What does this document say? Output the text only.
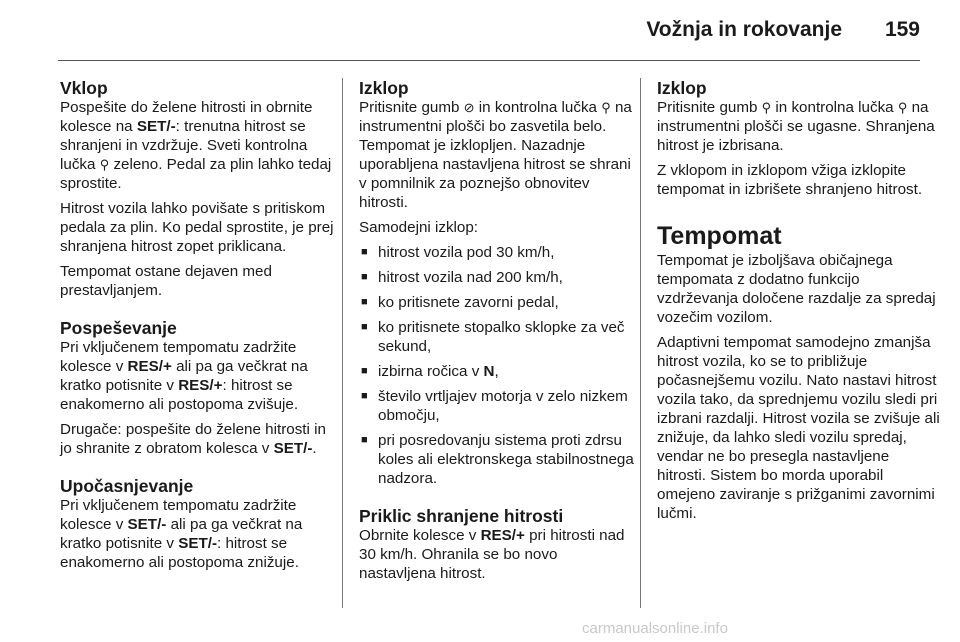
Vožnja in rokovanje 159
Vklop

Pospešite do želene hitrosti in obrnite kolesce na SET/-: trenutna hitrost se shranjeni in vzdržuje. Sveti kontrolna lučka ⚲ zeleno. Pedal za plin lahko tedaj sprostite.

Hitrost vozila lahko povišate s pritiskom pedala za plin. Ko pedal sprostite, je prej shranjena hitrost zopet priklicana.

Tempomat ostane dejaven med prestavljanjem.

Pospeševanje

Pri vključenem tempomatu zadržite kolesce v RES/+ ali pa ga večkrat na kratko potisnite v RES/+: hitrost se enakomerno ali postopoma zvišuje.

Drugače: pospešite do želene hitrosti in jo shranite z obratom kolesca v SET/-.

Upočasnjevanje

Pri vključenem tempomatu zadržite kolesce v SET/- ali pa ga večkrat na kratko potisnite v SET/-: hitrost se enakomerno ali postopoma znižuje.

Izklop

Pritisnite gumb ⊘ in kontrolna lučka ⚲ na instrumentni plošči bo zasvetila belo. Tempomat je izklopljen. Nazadnje uporabljena nastavljena hitrost se shrani v pomnilnik za poznejšo obnovitev hitrosti.

Samodejni izklop:

■ hitrost vozila pod 30 km/h,
■ hitrost vozila nad 200 km/h,
■ ko pritisnete zavorni pedal,
■ ko pritisnete stopalko sklopke za več sekund,
■ izbirna ročica v N,
■ število vrtljajev motorja v zelo nizkem območju,
■ pri posredovanju sistema proti zdrsu koles ali elektronskega stabilnostnega nadzora.
Priklic shranjene hitrosti

Obrnite kolesce v RES/+ pri hitrosti nad 30 km/h. Ohranila se bo novo nastavljena hitrost.

Izklop

Pritisnite gumb ⚲ in kontrolna lučka ⚲ na instrumentni plošči se ugasne. Shranjena hitrost je izbrisana.

Z vklopom in izklopom vžiga izklopite tempomat in izbrišete shranjeno hitrost.

Tempomat

Tempomat je izboljšava običajnega tempomata z dodatno funkcijo vzdrževanja določene razdalje za spredaj vozečim vozilom.

Adaptivni tempomat samodejno zmanjša hitrost vozila, ko se to približuje počasnejšemu vozilu. Nato nastavi hitrost vozila tako, da sprednjemu vozilu sledi pri izbrani razdalji. Hitrost vozila se zvišuje ali znižuje, da lahko sledi vozilu spredaj, vendar ne bo presegla nastavljene hitrosti. Sistem bo morda uporabil omejeno zaviranje s prižganimi zavornimi lučmi.

carmanualsonline.info
